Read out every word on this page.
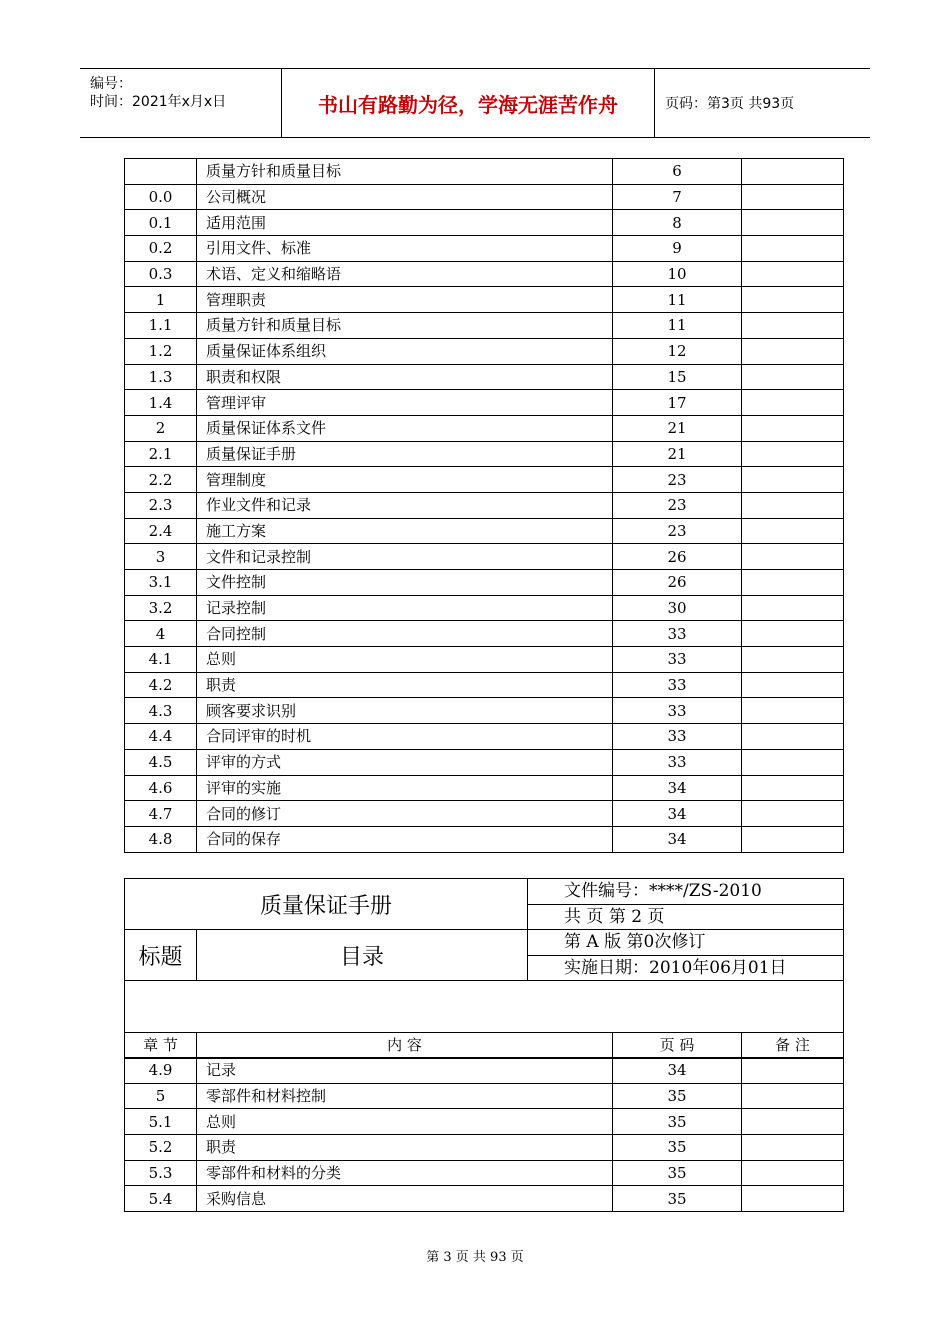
编号：
时间：2021年x月x日	书山有路勤为径，学海无涯苦作舟	页码：第3页 共93页
	质量方针和质量目标	6	
0.0	公司概况	7	
0.1	适用范围	8	
0.2	引用文件、标准	9	
0.3	术语、定义和缩略语	10	
1	管理职责	11	
1.1	质量方针和质量目标	11	
1.2	质量保证体系组织	12	
1.3	职责和权限	15	
1.4	管理评审	17	
2	质量保证体系文件	21	
2.1	质量保证手册	21	
2.2	管理制度	23	
2.3	作业文件和记录	23	
2.4	施工方案	23	
3	文件和记录控制	26	
3.1	文件控制	26	
3.2	记录控制	30	
4	合同控制	33	
4.1	总则	33	
4.2	职责	33	
4.3	顾客要求识别	33	
4.4	合同评审的时机	33	
4.5	评审的方式	33	
4.6	评审的实施	34	
4.7	合同的修订	34	
4.8	合同的保存	34	
质量保证手册		文件编号：****/ZS-2010		
		共 页 第 2 页		
标题	目录	第 A 版 第0次修订		
		实施日期：2010年06月01日		

章 节	内 容		页 码	备 注
4.9	记录	34	
5	零部件和材料控制	35	
5.1	总则	35	
5.2	职责	35	
5.3	零部件和材料的分类	35	
5.4	采购信息	35	
第 3 页 共 93 页
